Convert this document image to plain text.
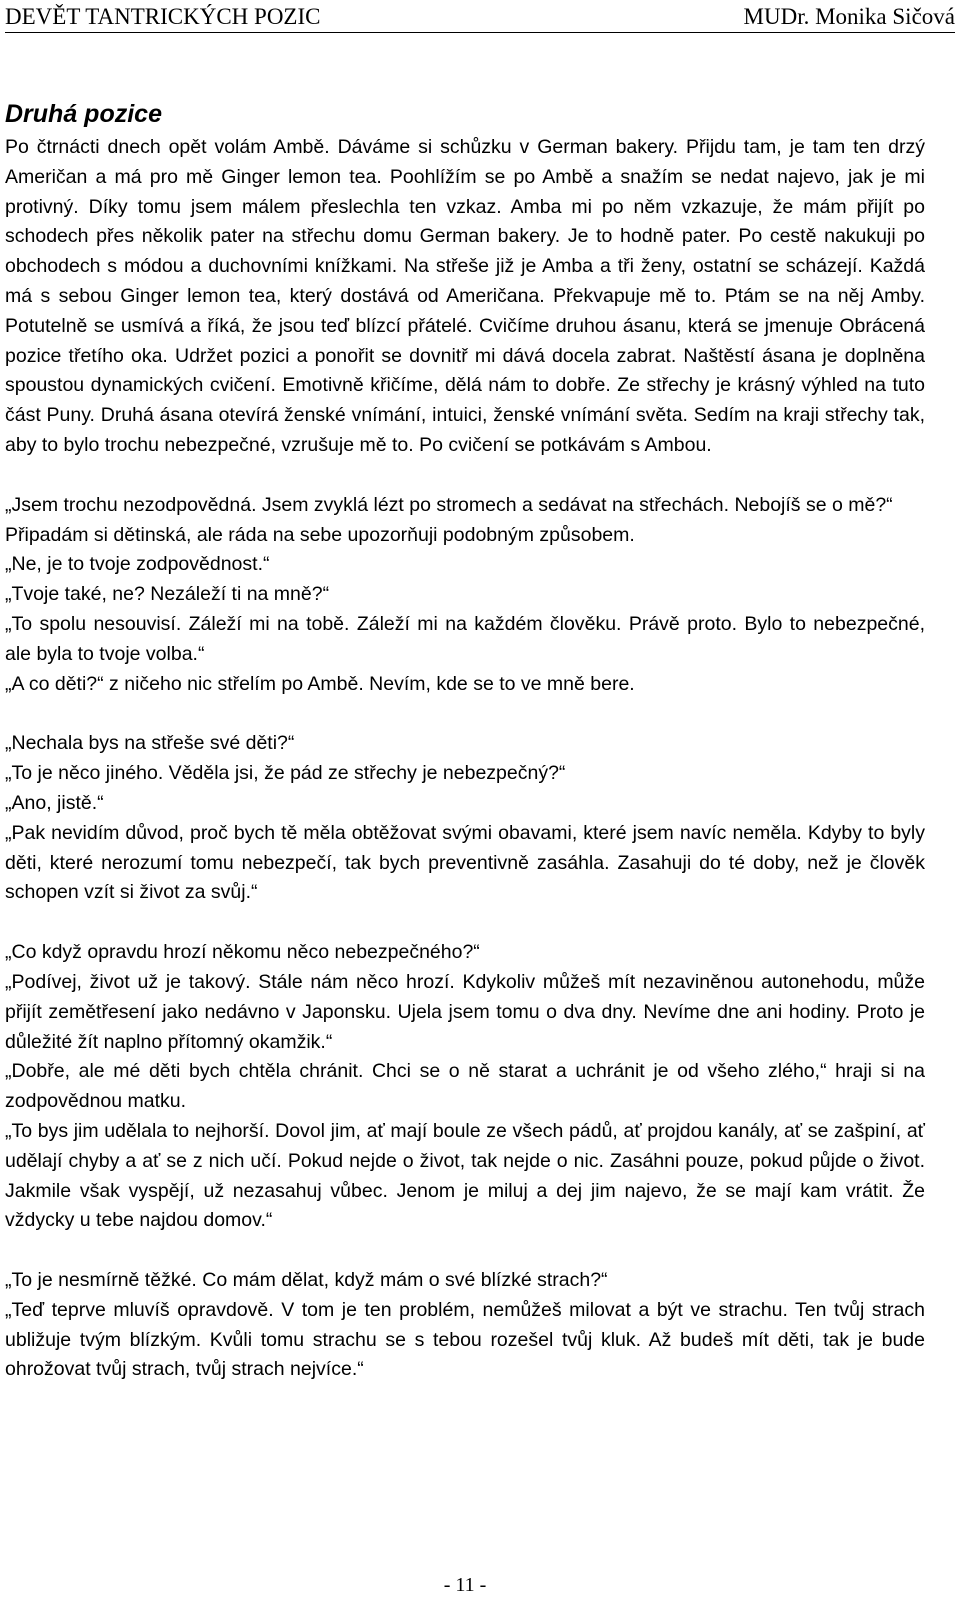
DEVĚT TANTRICKÝCH POZIC	MUDr. Monika Sičová
Druhá pozice

Po čtrnácti dnech opět volám Ambě. Dáváme si schůzku v German bakery. Přijdu tam, je tam ten drzý Američan a má pro mě Ginger lemon tea. Poohlížím se po Ambě a snažím se nedat najevo, jak je mi protivný. Díky tomu jsem málem přeslechla ten vzkaz. Amba mi po něm vzkazuje, že mám přijít po schodech přes několik pater na střechu domu German bakery. Je to hodně pater. Po cestě nakukuji po obchodech s módou a duchovními knížkami. Na střeše již je Amba a tři ženy, ostatní se scházejí. Každá má s sebou Ginger lemon tea, který dostává od Američana. Překvapuje mě to. Ptám se na něj Amby. Potutelně se usmívá a říká, že jsou teď blízcí přátelé. Cvičíme druhou ásanu, která se jmenuje Obrácená pozice třetího oka. Udržet pozici a ponořit se dovnitř mi dává docela zabrat. Naštěstí ásana je doplněna spoustou dynamických cvičení. Emotivně křičíme, dělá nám to dobře. Ze střechy je krásný výhled na tuto část Puny. Druhá ásana otevírá ženské vnímání, intuici, ženské vnímání světa. Sedím na kraji střechy tak, aby to bylo trochu nebezpečné, vzrušuje mě to. Po cvičení se potkávám s Ambou.

„Jsem trochu nezodpovědná. Jsem zvyklá lézt po stromech a sedávat na střechách. Nebojíš se o mě?“

Připadám si dětinská, ale ráda na sebe upozorňuji podobným způsobem.

„Ne, je to tvoje zodpovědnost.“

„Tvoje také, ne? Nezáleží ti na mně?“

„To spolu nesouvisí. Záleží mi na tobě. Záleží mi na každém člověku. Právě proto. Bylo to nebezpečné, ale byla to tvoje volba.“

„A co děti?“ z ničeho nic střelím po Ambě. Nevím, kde se to ve mně bere.

„Nechala bys na střeše své děti?“

„To je něco jiného. Věděla jsi, že pád ze střechy je nebezpečný?“

„Ano, jistě.“

„Pak nevidím důvod, proč bych tě měla obtěžovat svými obavami, které jsem navíc neměla. Kdyby to byly děti, které nerozumí tomu nebezpečí, tak bych preventivně zasáhla. Zasahuji do té doby, než je člověk schopen vzít si život za svůj.“

„Co když opravdu hrozí někomu něco nebezpečného?“

„Podívej, život už je takový. Stále nám něco hrozí. Kdykoliv můžeš mít nezaviněnou autonehodu, může přijít zemětřesení jako nedávno v Japonsku. Ujela jsem tomu o dva dny. Nevíme dne ani hodiny. Proto je důležité žít naplno přítomný okamžik.“

„Dobře, ale mé děti bych chtěla chránit. Chci se o ně starat a uchránit je od všeho zlého,“ hraji si na zodpovědnou matku.

„To bys jim udělala to nejhorší. Dovol jim, ať mají boule ze všech pádů, ať projdou kanály, ať se zašpiní, ať udělají chyby a ať se z nich učí. Pokud nejde o život, tak nejde o nic. Zasáhni pouze, pokud půjde o život. Jakmile však vyspějí, už nezasahuj vůbec. Jenom je miluj a dej jim najevo, že se mají kam vrátit. Že vždycky u tebe najdou domov.“

„To je nesmírně těžké. Co mám dělat, když mám o své blízké strach?“

„Teď teprve mluvíš opravdově. V tom je ten problém, nemůžeš milovat a být ve strachu. Ten tvůj strach ubližuje tvým blízkým. Kvůli tomu strachu se s tebou rozešel tvůj kluk. Až budeš mít děti, tak je bude ohrožovat tvůj strach, tvůj strach nejvíce.“

- 11 -
